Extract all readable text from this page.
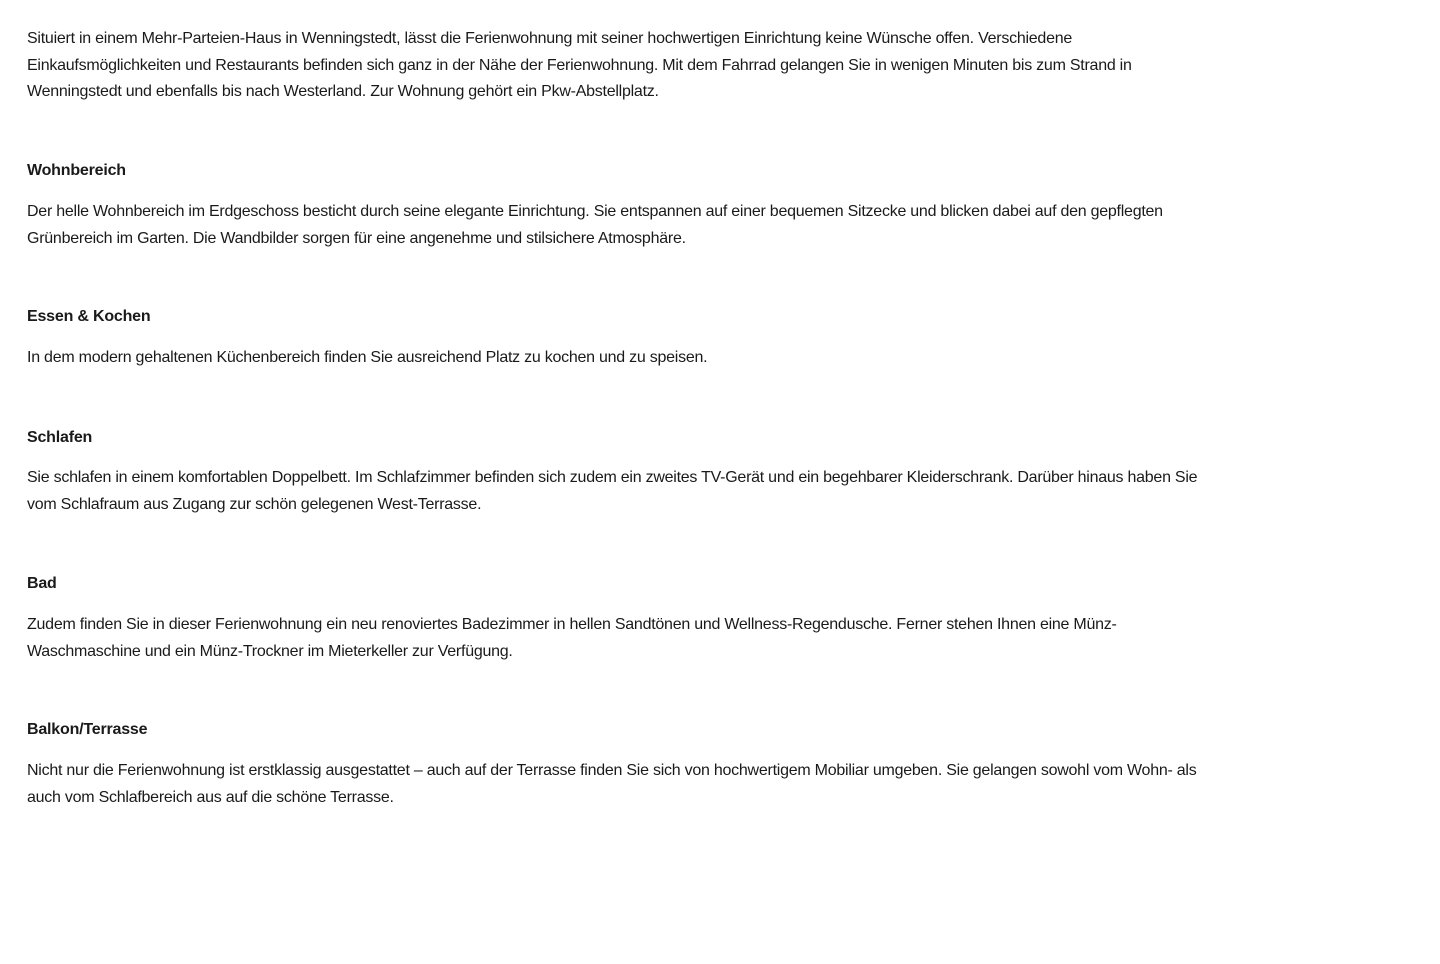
Situiert in einem Mehr-Parteien-Haus in Wenningstedt, lässt die Ferienwohnung mit seiner hochwertigen Einrichtung keine Wünsche offen. Verschiedene
Einkaufsmöglichkeiten und Restaurants befinden sich ganz in der Nähe der Ferienwohnung. Mit dem Fahrrad gelangen Sie in wenigen Minuten bis zum Strand in
Wenningstedt und ebenfalls bis nach Westerland. Zur Wohnung gehört ein Pkw-Abstellplatz.
Wohnbereich
Der helle Wohnbereich im Erdgeschoss besticht durch seine elegante Einrichtung. Sie entspannen auf einer bequemen Sitzecke und blicken dabei auf den gepflegten
Grünbereich im Garten. Die Wandbilder sorgen für eine angenehme und stilsichere Atmosphäre.
Essen & Kochen
In dem modern gehaltenen Küchenbereich finden Sie ausreichend Platz zu kochen und zu speisen.
Schlafen
Sie schlafen in einem komfortablen Doppelbett. Im Schlafzimmer befinden sich zudem ein zweites TV-Gerät und ein begehbarer Kleiderschrank. Darüber hinaus haben Sie
vom Schlafraum aus Zugang zur schön gelegenen West-Terrasse.
Bad
Zudem finden Sie in dieser Ferienwohnung ein neu renoviertes Badezimmer in hellen Sandtönen und Wellness-Regendusche. Ferner stehen Ihnen eine Münz-
Waschmaschine und ein Münz-Trockner im Mieterkeller zur Verfügung.
Balkon/Terrasse
Nicht nur die Ferienwohnung ist erstklassig ausgestattet – auch auf der Terrasse finden Sie sich von hochwertigem Mobiliar umgeben. Sie gelangen sowohl vom Wohn- als
auch vom Schlafbereich aus auf die schöne Terrasse.
